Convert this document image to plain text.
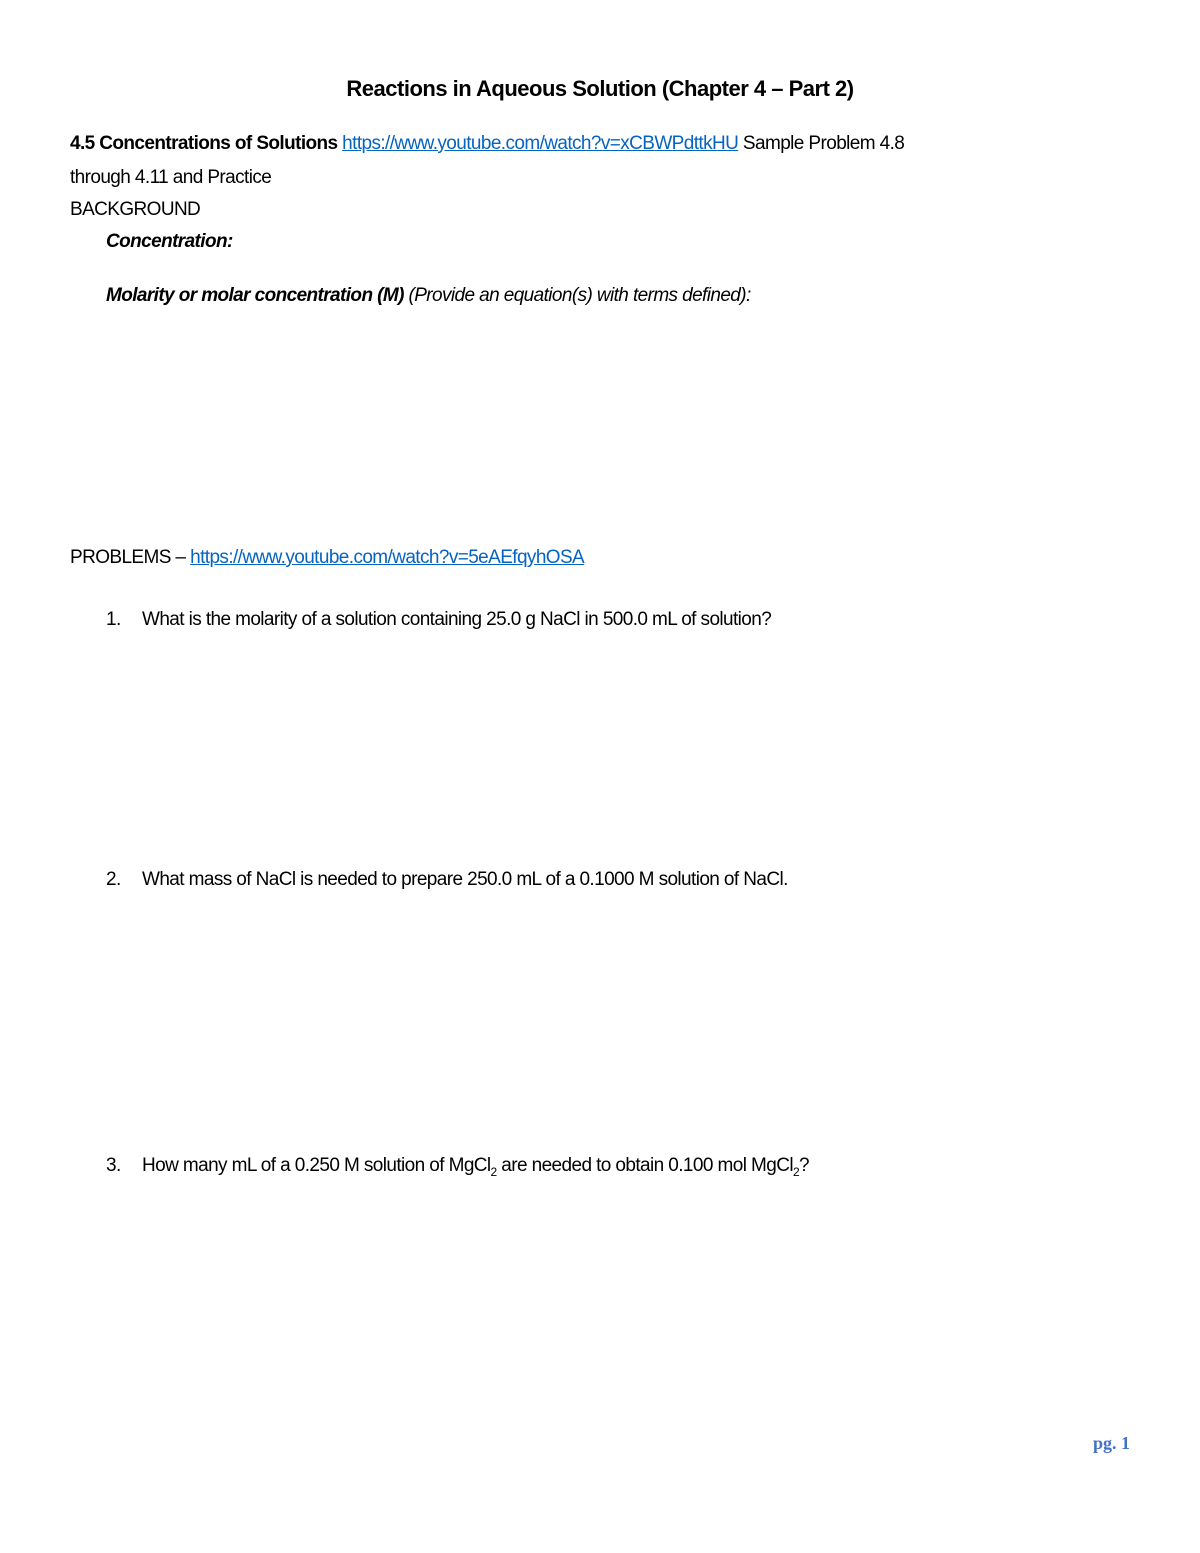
Reactions in Aqueous Solution (Chapter 4 – Part 2)
4.5 Concentrations of Solutions https://www.youtube.com/watch?v=xCBWPdttkHU Sample Problem 4.8
through 4.11 and Practice
BACKGROUND
Concentration:
Molarity or molar concentration (M) (Provide an equation(s) with terms defined):
PROBLEMS – https://www.youtube.com/watch?v=5eAEfqyhOSA
1. What is the molarity of a solution containing 25.0 g NaCl in 500.0 mL of solution?
2. What mass of NaCl is needed to prepare 250.0 mL of a 0.1000 M solution of NaCl.
3. How many mL of a 0.250 M solution of MgCl$_2$ are needed to obtain 0.100 mol MgCl$_2$?
pg. 1
